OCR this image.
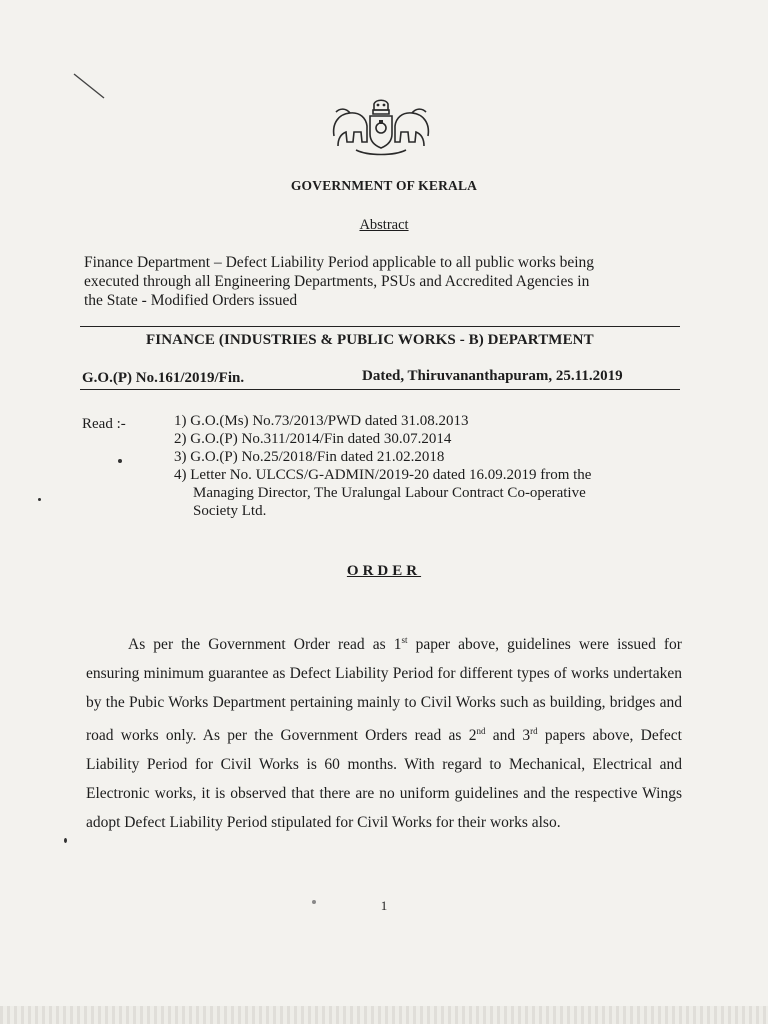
GOVERNMENT OF KERALA
Abstract
Finance Department – Defect Liability Period applicable to all public works being
executed through all Engineering Departments, PSUs and Accredited Agencies in
the State - Modified Orders issued
FINANCE (INDUSTRIES & PUBLIC WORKS - B) DEPARTMENT
G.O.(P) No.161/2019/Fin.	Dated, Thiruvananthapuram, 25.11.2019
Read :-	1) G.O.(Ms) No.73/2013/PWD dated 31.08.2013
2) G.O.(P) No.311/2014/Fin dated 30.07.2014
3) G.O.(P) No.25/2018/Fin dated 21.02.2018
4) Letter No. ULCCS/G-ADMIN/2019-20 dated 16.09.2019 from the
Managing Director, The Uralungal Labour Contract Co-operative
Society Ltd.
ORDER

As per the Government Order read as 1st paper above, guidelines were issued for ensuring minimum guarantee as Defect Liability Period for different types of works undertaken by the Pubic Works Department pertaining mainly to Civil Works such as building, bridges and road works only. As per the Government Orders read as 2nd and 3rd papers above, Defect Liability Period for Civil Works is 60 months. With regard to Mechanical, Electrical and Electronic works, it is observed that there are no uniform guidelines and the respective Wings adopt Defect Liability Period stipulated for Civil Works for their works also.

1
